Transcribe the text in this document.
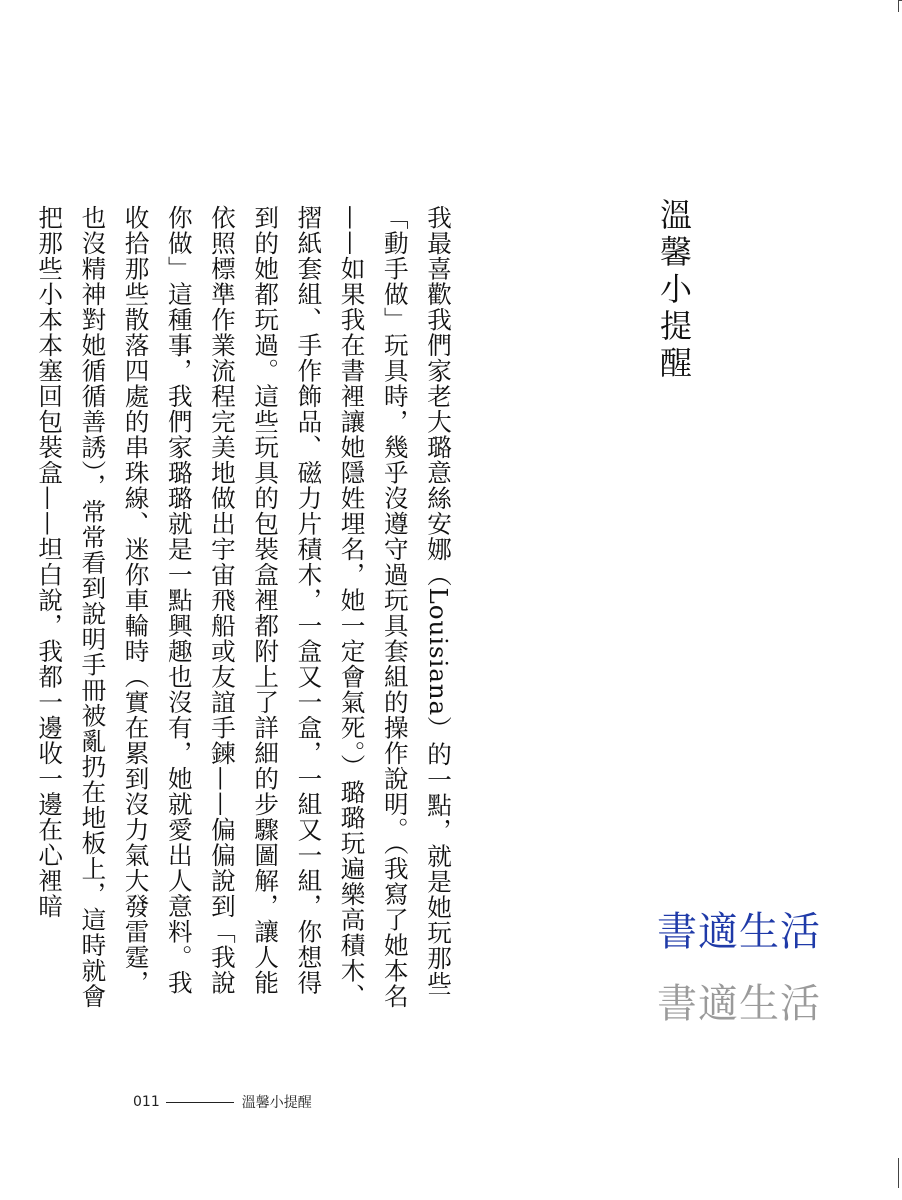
溫馨小提醒

我最喜歡我們家老大璐意絲安娜（Louisiana）的一點，就是她玩那些「動手做」玩具時，幾乎沒遵守過玩具套組的操作說明。（我寫了她本名——如果我在書裡讓她隱姓埋名，她一定會氣死。）璐璐玩遍樂高積木、摺紙套組、手作飾品、磁力片積木，一盒又一盒，一組又一組，你想得到的她都玩過。這些玩具的包裝盒裡都附上了詳細的步驟圖解，讓人能依照標準作業流程完美地做出宇宙飛船或友誼手鍊——偏偏說到「我說你做」這種事，我們家璐璐就是一點興趣也沒有，她就愛出人意料。我收拾那些散落四處的串珠線、迷你車輪時（實在累到沒力氣大發雷霆，也沒精神對她循循善誘），常常看到說明手冊被亂扔在地板上，這時就會把那些小本本塞回包裝盒——坦白說，我都一邊收一邊在心裡暗

書適生活
書適生活
011	溫馨小提醒
